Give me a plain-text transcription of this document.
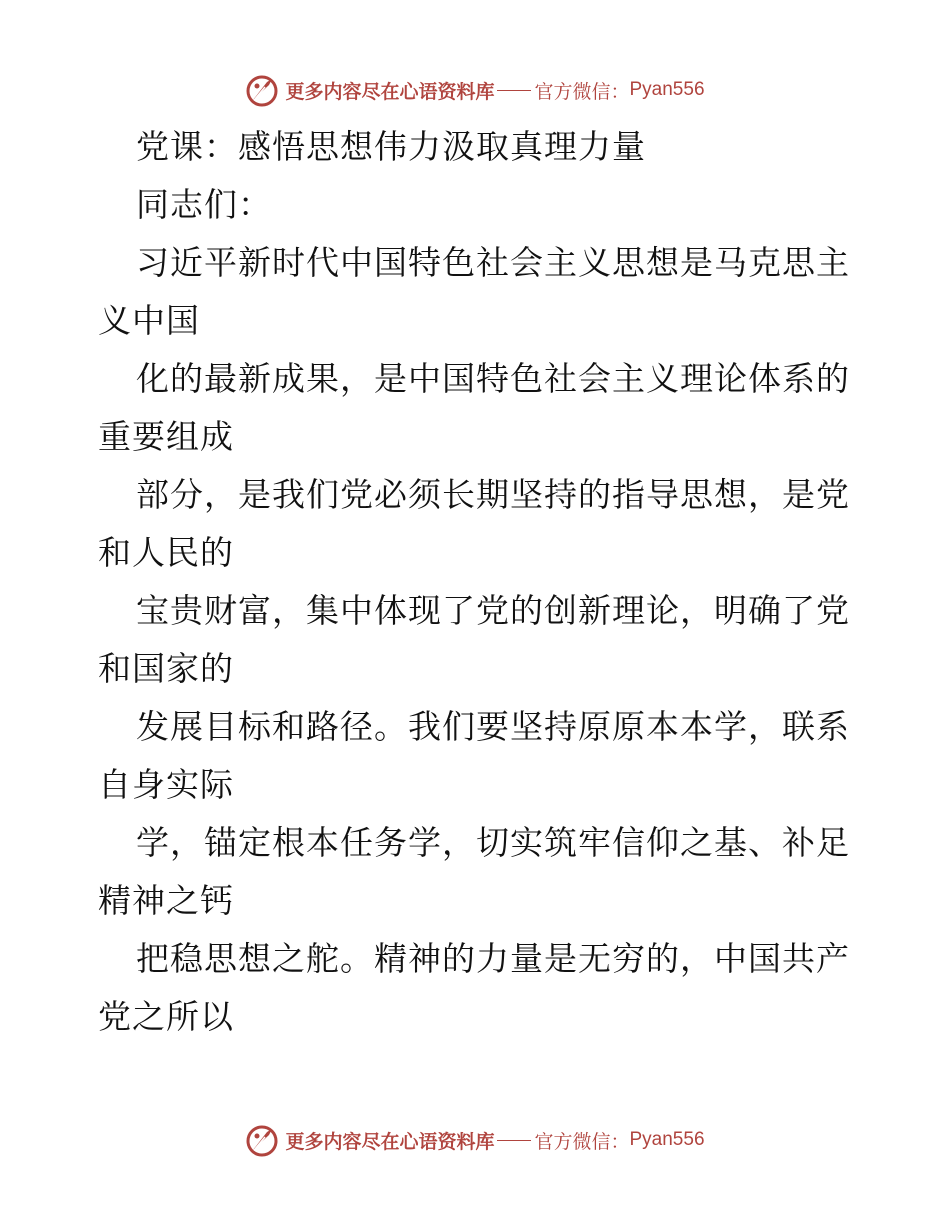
更多内容尽在心语资料库 官方微信： Pyan556
党课：感悟思想伟力汲取真理力量
同志们：
习近平新时代中国特色社会主义思想是马克思主
义中国
化的最新成果，是中国特色社会主义理论体系的
重要组成
部分，是我们党必须长期坚持的指导思想，是党
和人民的
宝贵财富，集中体现了党的创新理论，明确了党
和国家的
发展目标和路径。我们要坚持原原本本学，联系
自身实际
学，锚定根本任务学，切实筑牢信仰之基、补足
精神之钙
把稳思想之舵。精神的力量是无穷的，中国共产
党之所以
更多内容尽在心语资料库 官方微信： Pyan556
